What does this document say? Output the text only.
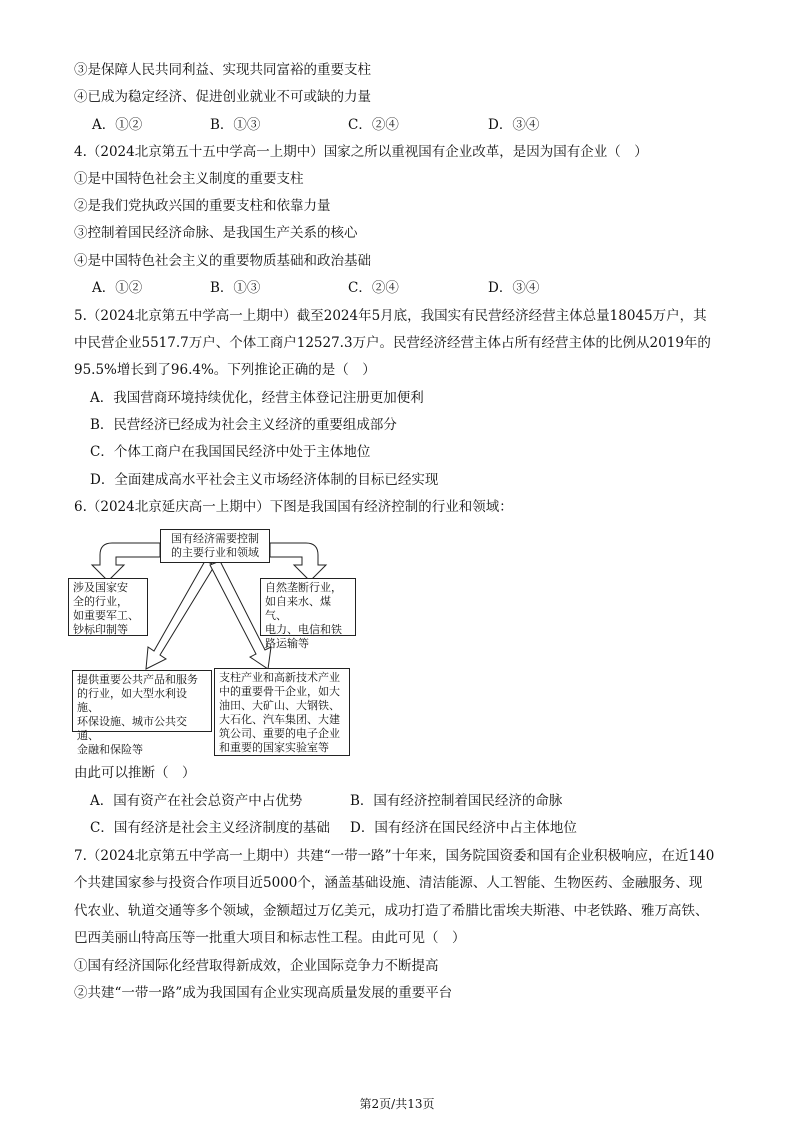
③是保障人民共同利益、实现共同富裕的重要支柱
④已成为稳定经济、促进创业就业不可或缺的力量
A．①②	B．①③	C．②④	D．③④
4.（2024北京第五十五中学高一上期中）国家之所以重视国有企业改革，是因为国有企业（　）
①是中国特色社会主义制度的重要支柱
②是我们党执政兴国的重要支柱和依靠力量
③控制着国民经济命脉、是我国生产关系的核心
④是中国特色社会主义的重要物质基础和政治基础
A．①②	B．①③	C．②④	D．③④
5.（2024北京第五中学高一上期中）截至2024年5月底，我国实有民营经济经营主体总量18045万户，其
中民营企业5517.7万户、个体工商户12527.3万户。民营经济经营主体占所有经营主体的比例从2019年的
95.5%增长到了96.4%。下列推论正确的是（　）
A．我国营商环境持续优化，经营主体登记注册更加便利
B．民营经济已经成为社会主义经济的重要组成部分
C．个体工商户在我国国民经济中处于主体地位
D．全面建成高水平社会主义市场经济体制的目标已经实现
6.（2024北京延庆高一上期中）下图是我国国有经济控制的行业和领域：
国有经济需要控制
的主要行业和领域
涉及国家安
全的行业，
如重要军工、
钞标印制等
自然垄断行业，
如自来水、煤气、
电力、电信和铁
路运输等
提供重要公共产品和服务
的行业，如大型水利设施、
环保设施、城市公共交通、
金融和保险等
支柱产业和高新技术产业
中的重要骨干企业，如大
油田、大矿山、大钢铁、
大石化、汽车集团、大建
筑公司、重要的电子企业
和重要的国家实验室等
由此可以推断（　）
A．国有资产在社会总资产中占优势	B．国有经济控制着国民经济的命脉
C．国有经济是社会主义经济制度的基础 D．国有经济在国民经济中占主体地位
7.（2024北京第五中学高一上期中）共建“一带一路”十年来，国务院国资委和国有企业积极响应，在近140
个共建国家参与投资合作项目近5000个，涵盖基础设施、清洁能源、人工智能、生物医药、金融服务、现
代农业、轨道交通等多个领域，金额超过万亿美元，成功打造了希腊比雷埃夫斯港、中老铁路、雅万高铁、
巴西美丽山特高压等一批重大项目和标志性工程。由此可见（　）
①国有经济国际化经营取得新成效，企业国际竞争力不断提高
②共建“一带一路”成为我国国有企业实现高质量发展的重要平台
第2页/共13页
